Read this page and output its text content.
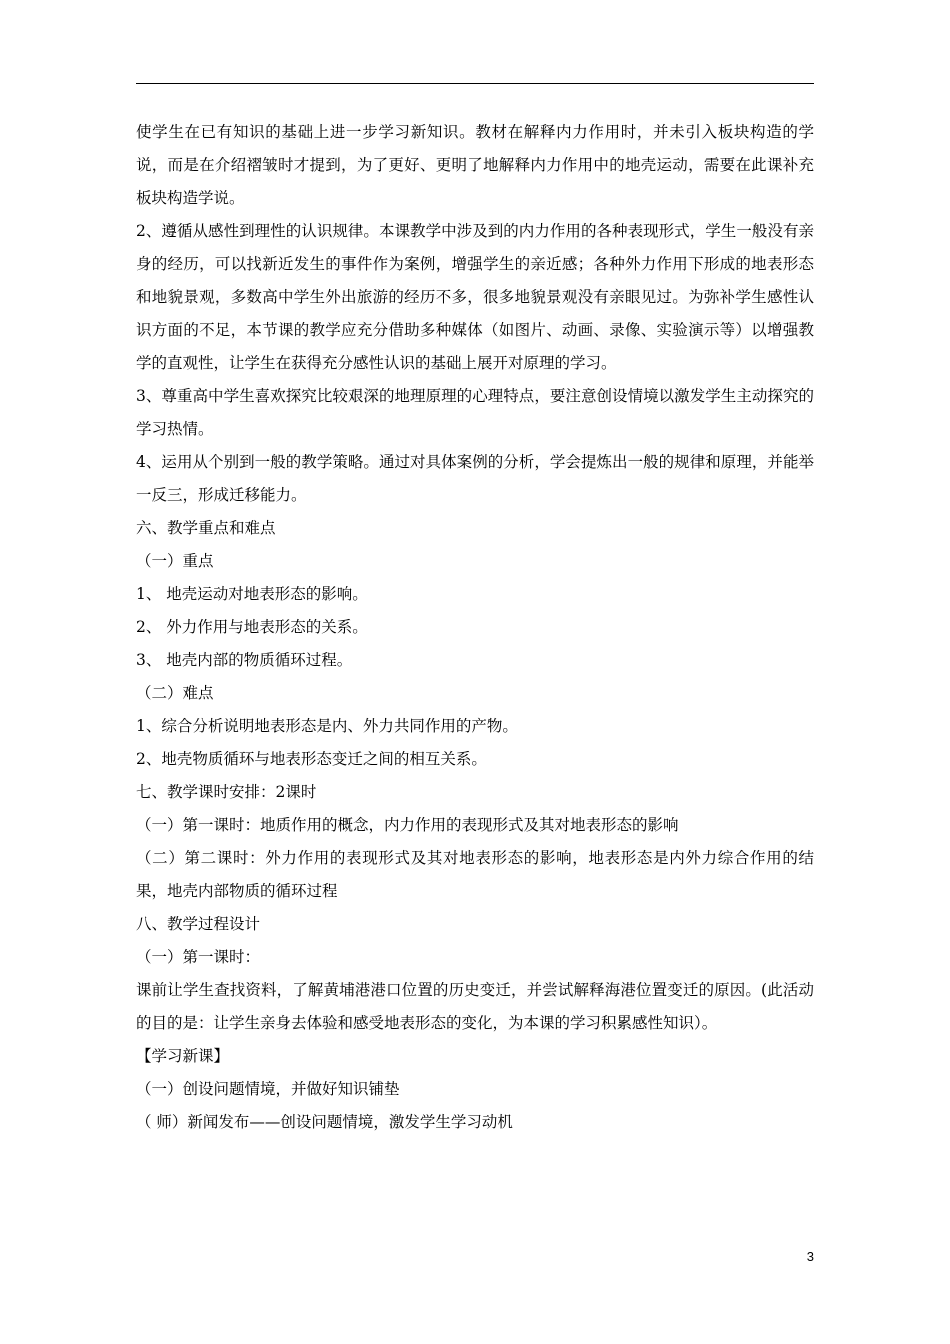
使学生在已有知识的基础上进一步学习新知识。教材在解释内力作用时，并未引入板块构造的学说，而是在介绍褶皱时才提到，为了更好、更明了地解释内力作用中的地壳运动，需要在此课补充板块构造学说。

2、遵循从感性到理性的认识规律。本课教学中涉及到的内力作用的各种表现形式，学生一般没有亲身的经历，可以找新近发生的事件作为案例，增强学生的亲近感；各种外力作用下形成的地表形态和地貌景观，多数高中学生外出旅游的经历不多，很多地貌景观没有亲眼见过。为弥补学生感性认识方面的不足，本节课的教学应充分借助多种媒体（如图片、动画、录像、实验演示等）以增强教学的直观性，让学生在获得充分感性认识的基础上展开对原理的学习。

3、尊重高中学生喜欢探究比较艰深的地理原理的心理特点，要注意创设情境以激发学生主动探究的学习热情。

4、运用从个别到一般的教学策略。通过对具体案例的分析，学会提炼出一般的规律和原理，并能举一反三，形成迁移能力。

六、教学重点和难点

（一）重点

1、 地壳运动对地表形态的影响。

2、 外力作用与地表形态的关系。

3、 地壳内部的物质循环过程。

（二）难点

1、综合分析说明地表形态是内、外力共同作用的产物。

2、地壳物质循环与地表形态变迁之间的相互关系。

七、教学课时安排：2课时

（一）第一课时：地质作用的概念，内力作用的表现形式及其对地表形态的影响

（二）第二课时：外力作用的表现形式及其对地表形态的影响，地表形态是内外力综合作用的结果，地壳内部物质的循环过程

八、教学过程设计

（一）第一课时：

课前让学生查找资料，了解黄埔港港口位置的历史变迁，并尝试解释海港位置变迁的原因。(此活动的目的是：让学生亲身去体验和感受地表形态的变化，为本课的学习积累感性知识）。

【学习新课】

（一）创设问题情境，并做好知识铺垫

（ 师）新闻发布——创设问题情境，激发学生学习动机

3
